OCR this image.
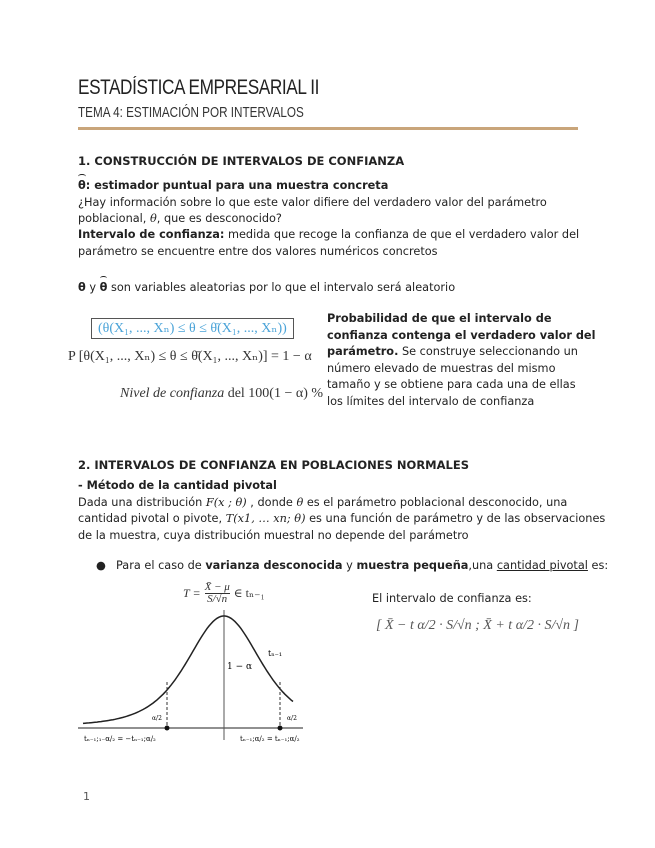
ESTADÍSTICA EMPRESARIAL II
TEMA 4: ESTIMACIÓN POR INTERVALOS
1. CONSTRUCCIÓN DE INTERVALOS DE CONFIANZA
θ: estimador puntual para una muestra concreta
¿Hay información sobre lo que este valor difiere del verdadero valor del parámetro
poblacional, θ, que es desconocido?
Intervalo de confianza: medida que recoge la confianza de que el verdadero valor del
parámetro se encuentre entre dos valores numéricos concretos
θ y θ son variables aleatorias por lo que el intervalo será aleatorio
(θ(X₁, ..., Xₙ) ≤ θ ≤ θ̄(X₁, ..., Xₙ))
P [θ(X₁, ..., Xₙ) ≤ θ ≤ θ̄(X₁, ..., Xₙ)] = 1 − α
Nivel de confianza del 100(1 − α) %
Probabilidad de que el intervalo de
confianza contenga el verdadero valor del
parámetro. Se construye seleccionando un
número elevado de muestras del mismo
tamaño y se obtiene para cada una de ellas
los límites del intervalo de confianza
2. INTERVALOS DE CONFIANZA EN POBLACIONES NORMALES
- Método de la cantidad pivotal
Dada una distribución F(x ; θ) , donde θ es el parámetro poblacional desconocido, una
cantidad pivotal o pivote, T(x1, … xn; θ) es una función de parámetro y de las observaciones
de la muestra, cuya distribución muestral no depende del parámetro
● Para el caso de varianza desconocida y muestra pequeña,una cantidad pivotal es:
$T = \frac{X̄ - \mu}{S/√n}$ ∈ tₙ₋₁
tₙ₋₁
1 − α
α/2	α/2
tₙ₋₁;₁₋α/₂ = −tₙ₋₁;α/₂	tₙ₋₁;α/₂ = tₙ₋₁;α/₂
El intervalo de confianza es:
[ X̄ − t α/2 · S/√n ; X̄ + t α/2 · S/√n ]
1
